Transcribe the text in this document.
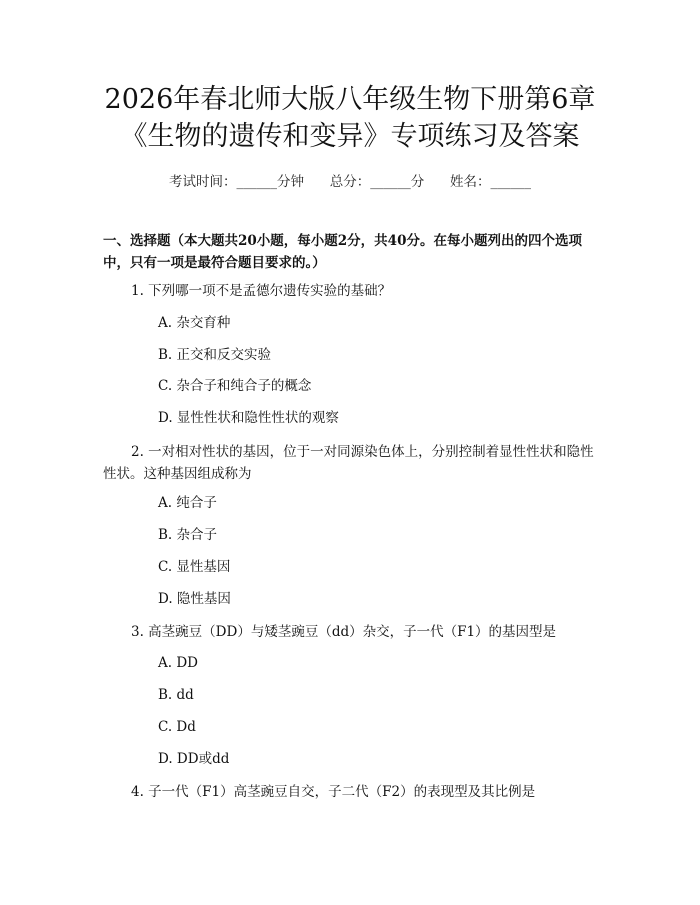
2026年春北师大版八年级生物下册第6章
《生物的遗传和变异》专项练习及答案
考试时间：______分钟      总分：______分      姓名：______
一、选择题（本大题共20小题，每小题2分，共40分。在每小题列出的四个选项中，只有一项是最符合题目要求的。）
1. 下列哪一项不是孟德尔遗传实验的基础？
A. 杂交育种
B. 正交和反交实验
C. 杂合子和纯合子的概念
D. 显性性状和隐性性状的观察
2. 一对相对性状的基因，位于一对同源染色体上，分别控制着显性性状和隐性性状。这种基因组成称为
A. 纯合子
B. 杂合子
C. 显性基因
D. 隐性基因
3. 高茎豌豆（DD）与矮茎豌豆（dd）杂交，子一代（F1）的基因型是
A. DD
B. dd
C. Dd
D. DD或dd
4. 子一代（F1）高茎豌豆自交，子二代（F2）的表现型及其比例是
